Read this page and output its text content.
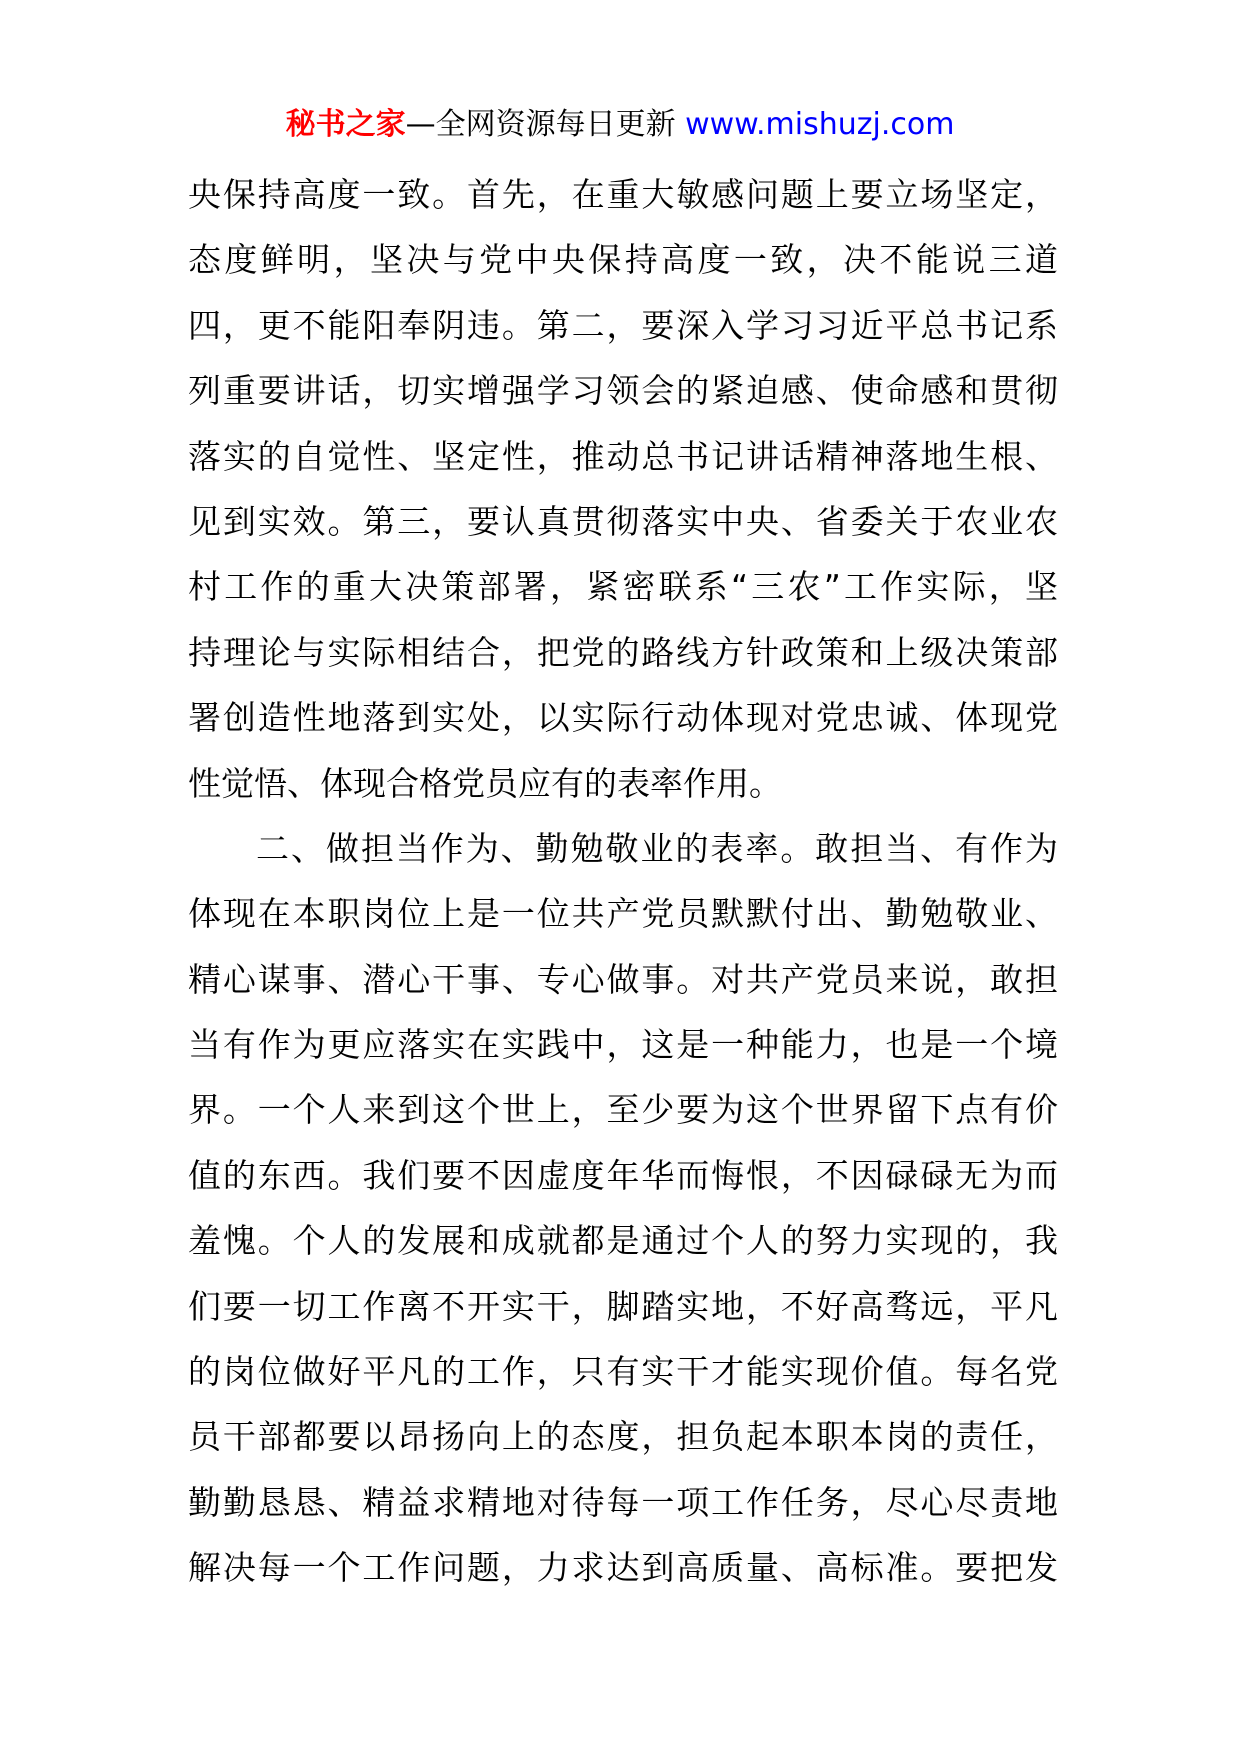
秘书之家—全网资源每日更新 www.mishuzj.com
央保持高度一致。首先，在重大敏感问题上要立场坚定，
态度鲜明，坚决与党中央保持高度一致，决不能说三道
四，更不能阳奉阴违。第二，要深入学习习近平总书记系
列重要讲话，切实增强学习领会的紧迫感、使命感和贯彻
落实的自觉性、坚定性，推动总书记讲话精神落地生根、
见到实效。第三，要认真贯彻落实中央、省委关于农业农
村工作的重大决策部署，紧密联系“三农”工作实际，坚
持理论与实际相结合，把党的路线方针政策和上级决策部
署创造性地落到实处，以实际行动体现对党忠诚、体现党
性觉悟、体现合格党员应有的表率作用。
二、做担当作为、勤勉敬业的表率。敢担当、有作为
体现在本职岗位上是一位共产党员默默付出、勤勉敬业、
精心谋事、潜心干事、专心做事。对共产党员来说，敢担
当有作为更应落实在实践中，这是一种能力，也是一个境
界。一个人来到这个世上，至少要为这个世界留下点有价
值的东西。我们要不因虚度年华而悔恨，不因碌碌无为而
羞愧。个人的发展和成就都是通过个人的努力实现的，我
们要一切工作离不开实干，脚踏实地，不好高骛远，平凡
的岗位做好平凡的工作，只有实干才能实现价值。每名党
员干部都要以昂扬向上的态度，担负起本职本岗的责任，
勤勤恳恳、精益求精地对待每一项工作任务，尽心尽责地
解决每一个工作问题，力求达到高质量、高标准。要把发
